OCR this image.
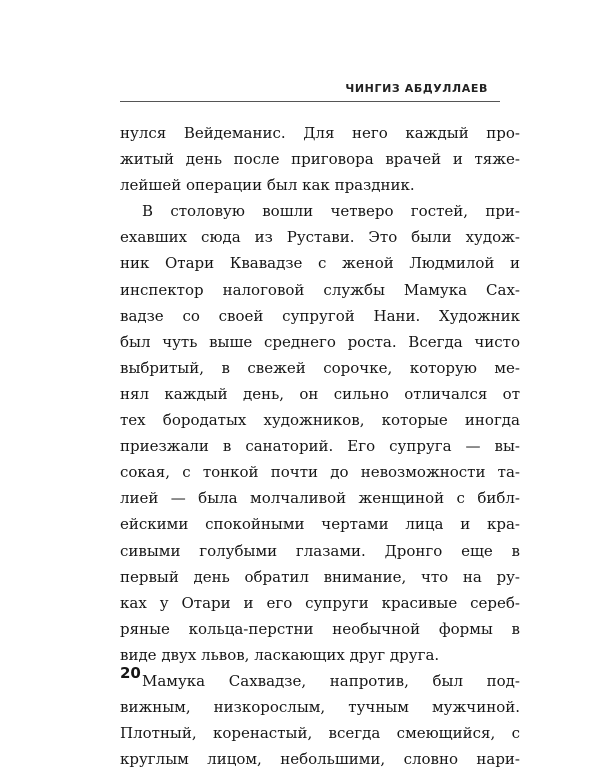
ЧИНГИЗ АБДУЛЛАЕВ
нулся Вейдеманис. Для него каждый про-
житый день после приговора врачей и тяже-
лейшей операции был как праздник.
В столовую вошли четверо гостей, при-
ехавших сюда из Рустави. Это были худож-
ник Отари Квавадзе с женой Людмилой и
инспектор налоговой службы Мамука Сах-
вадзе со своей супругой Нани. Художник
был чуть выше среднего роста. Всегда чисто
выбритый, в свежей сорочке, которую ме-
нял каждый день, он сильно отличался от
тех бородатых художников, которые иногда
приезжали в санаторий. Его супруга — вы-
сокая, с тонкой почти до невозможности та-
лией — была молчаливой женщиной с библ-
ейскими спокойными чертами лица и кра-
сивыми голубыми глазами. Дронго еще в
первый день обратил внимание, что на ру-
ках у Отари и его супруги красивые сереб-
ряные кольца-перстни необычной формы в
виде двух львов, ласкающих друг друга.
Мамука Сахвадзе, напротив, был под-
вижным, низкорослым, тучным мужчиной.
Плотный, коренастый, всегда смеющийся, с
круглым лицом, небольшими, словно нари-
20
